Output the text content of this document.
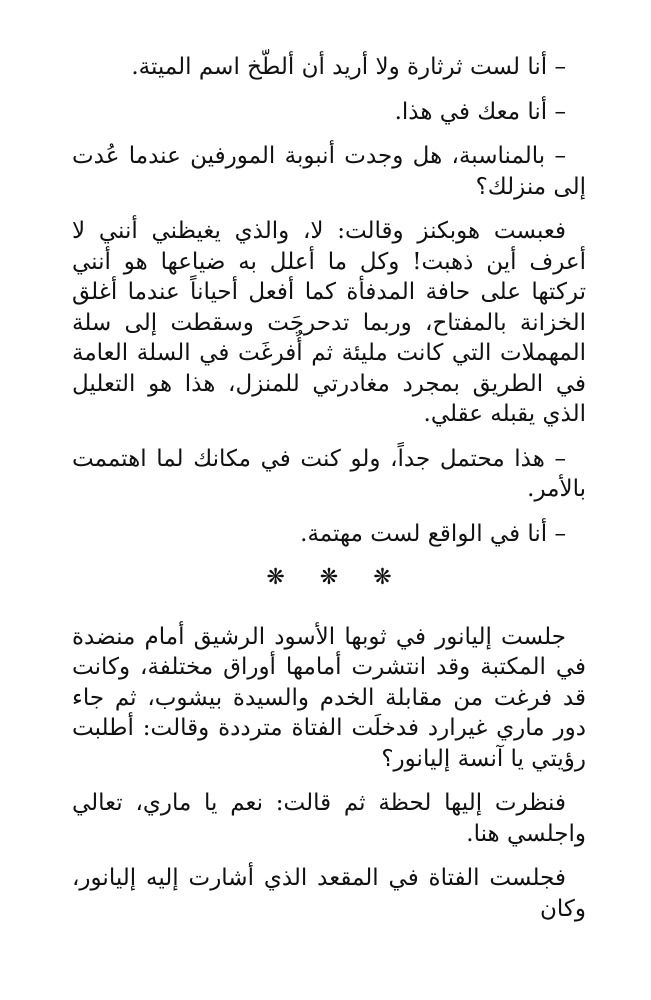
– أنا لست ثرثارة ولا أريد أن ألطّخ اسم الميتة.

– أنا معك في هذا.

– بالمناسبة، هل وجدت أنبوبة المورفين عندما عُدت إلى منزلك؟

فعبست هوبكنز وقالت: لا، والذي يغيظني أنني لا أعرف أين ذهبت! وكل ما أعلل به ضياعها هو أنني تركتها على حافة المدفأة كما أفعل أحياناً عندما أغلق الخزانة بالمفتاح، وربما تدحرجَت وسقطت إلى سلة المهملات التي كانت مليئة ثم أُفرغَت في السلة العامة في الطريق بمجرد مغادرتي للمنزل، هذا هو التعليل الذي يقبله عقلي.

– هذا محتمل جداً، ولو كنت في مكانك لما اهتممت بالأمر.

– أنا في الواقع لست مهتمة.

❋ ❋ ❋

جلست إليانور في ثوبها الأسود الرشيق أمام منضدة في المكتبة وقد انتشرت أمامها أوراق مختلفة، وكانت قد فرغت من مقابلة الخدم والسيدة بيشوب، ثم جاء دور ماري غيرارد فدخلَت الفتاة مترددة وقالت: أطلبت رؤيتي يا آنسة إليانور؟

فنظرت إليها لحظة ثم قالت: نعم يا ماري، تعالي واجلسي هنا.

فجلست الفتاة في المقعد الذي أشارت إليه إليانور، وكان
